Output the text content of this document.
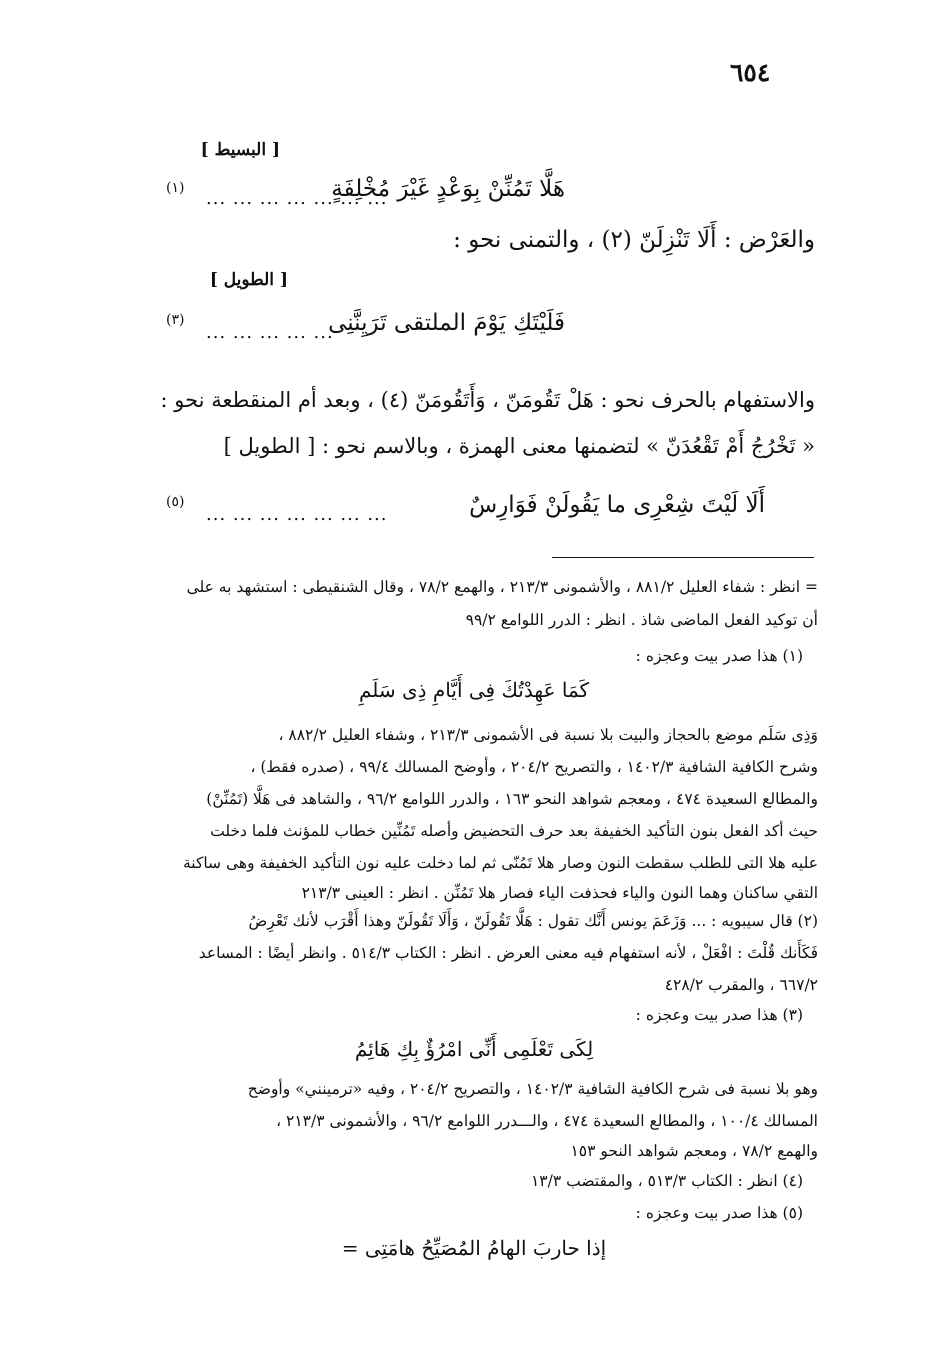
٦٥٤
[ البسيط ]
هَلَّا تَمُنِّنْ بِوَعْدٍ غَيْرَ مُخْلِفَةٍ
... ... ... ... ... ... ...
(١)
والعَرْض : أَلَا تَنْزِلَنّ (٢) ، والتمنى نحو :
[ الطويل ]
فَلَيْتَكِ يَوْمَ الملتقى تَرَيِنَّنِى
... ... ... ... ...
(٣)
والاستفهام بالحرف نحو : هَلْ تَقُومَنّ ، وَأَتَقُومَنّ (٤) ، وبعد أم المنقطعة نحو :
« تَخْرُجُ أَمْ تَقْعُدَنّ » لتضمنها معنى الهمزة ، وبالاسم نحو : [ الطويل ]
أَلَا لَيْتَ شِعْرِى ما يَقُولَنْ فَوَارِسٌ
... ... ... ... ... ... ...
(٥)
= انظر : شفاء العليل ٨٨١/٢ ، والأشمونى ٢١٣/٣ ، والهمع ٧٨/٢ ، وقال الشنقيطى : استشهد به على
أن توكيد الفعل الماضى شاذ . انظر : الدرر اللوامع ٩٩/٢
(١) هذا صدر بيت وعجزه :
كَمَا عَهِدْتُكَ فِى أَيَّامِ ذِى سَلَمِ
وَذِى سَلَم موضع بالحجاز والبيت بلا نسبة فى الأشمونى ٢١٣/٣ ، وشفاء العليل ٨٨٢/٢ ،
وشرح الكافية الشافية ١٤٠٢/٣ ، والتصريح ٢٠٤/٢ ، وأوضح المسالك ٩٩/٤ ، (صدره فقط) ،
والمطالع السعيدة ٤٧٤ ، ومعجم شواهد النحو ١٦٣ ، والدرر اللوامع ٩٦/٢ ، والشاهد فى هَلَّا (تَمُنِّنْ)
حيث أكد الفعل بنون التأكيد الخفيفة بعد حرف التحضيض وأصله تَمُنِّين خطاب للمؤنث فلما دخلت
عليه هلا التى للطلب سقطت النون وصار هلا تَمُنّى ثم لما دخلت عليه نون التأكيد الخفيفة وهى ساكنة
التقي ساكنان وهما النون والياء فحذفت الياء فصار هلا تَمُنِّن . انظر : العينى ٢١٣/٣
(٢) قال سيبويه : ... وَزَعَمَ يونس أَنَّك تقول : هَلَّا تَقُولَنّ ، وَأَلَا تَقُولَنّ وهذا أَقْرَب لأنك تَعْرِضُ
فَكَأَنك قُلْتَ : افْعَلْ ، لأنه استفهام فيه معنى العرض . انظر : الكتاب ٥١٤/٣ . وانظر أيضًا : المساعد
٦٦٧/٢ ، والمقرب ٤٢٨/٢
(٣) هذا صدر بيت وعجزه :
لِكَى تَعْلَمِى أَنِّى امْرُؤٌ بِكِ هَائِمُ
وهو بلا نسبة فى شرح الكافية الشافية ١٤٠٢/٣ ، والتصريح ٢٠٤/٢ ، وفيه «ترمينني» وأوضح
المسالك ١٠٠/٤ ، والمطالع السعيدة ٤٧٤ ، والـــدرر اللوامع ٩٦/٢ ، والأشمونى ٢١٣/٣ ،
والهمع ٧٨/٢ ، ومعجم شواهد النحو ١٥٣
(٤) انظر : الكتاب ٥١٣/٣ ، والمقتضب ١٣/٣
(٥) هذا صدر بيت وعجزه :
إذا حاربَ الهامُ المُصَيِّحُ هامَتِى =
